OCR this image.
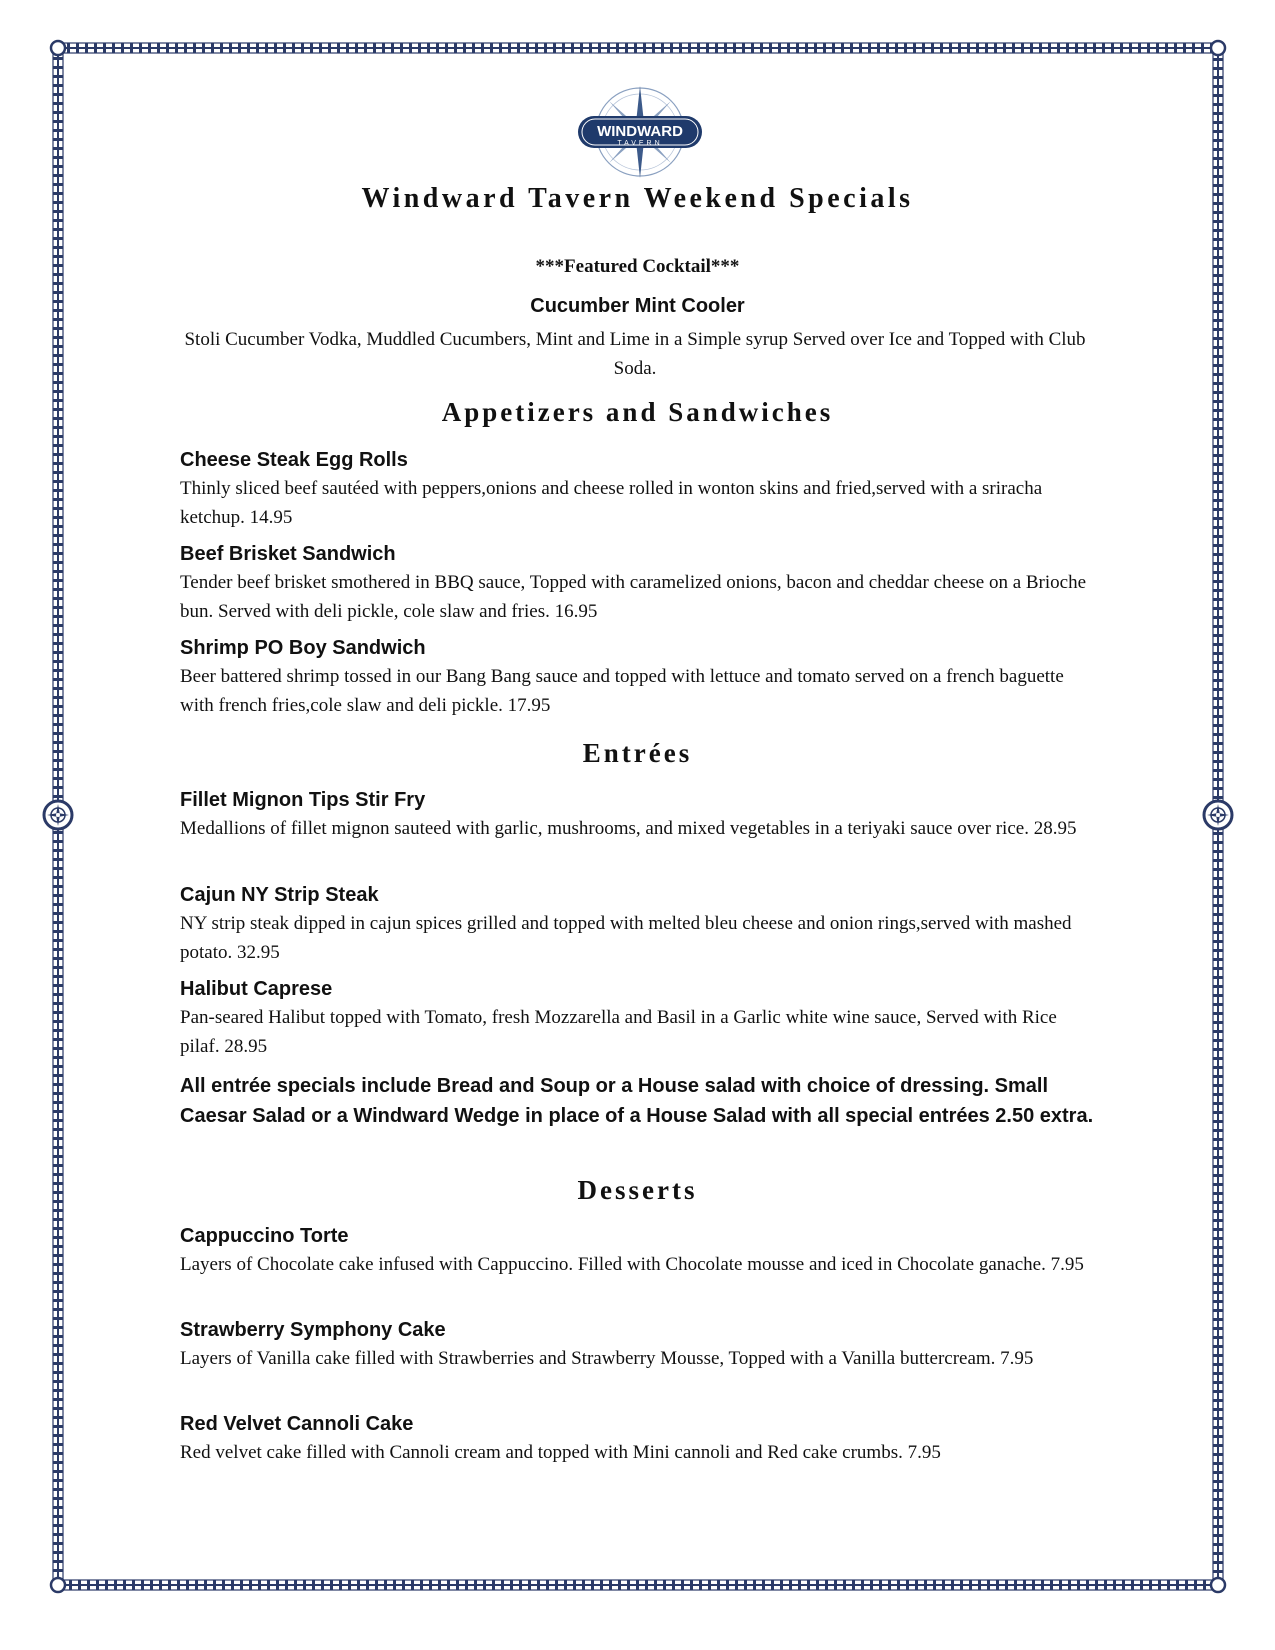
WINDWARD
TAVERN
Windward Tavern Weekend Specials
***Featured Cocktail***
Cucumber Mint Cooler
Stoli Cucumber Vodka, Muddled Cucumbers, Mint and Lime in a Simple syrup Served over Ice and Topped with Club Soda.
Appetizers and Sandwiches

Cheese Steak Egg Rolls

Thinly sliced beef sautéed with peppers,onions and cheese rolled in wonton skins and fried,served with a sriracha ketchup. 14.95

Beef Brisket Sandwich

Tender beef brisket smothered in BBQ sauce, Topped with caramelized onions, bacon and cheddar cheese on a Brioche bun. Served with deli pickle, cole slaw and fries. 16.95

Shrimp PO Boy Sandwich

Beer battered shrimp tossed in our Bang Bang sauce and topped with lettuce and tomato served on a french baguette with french fries,cole slaw and deli pickle. 17.95

Entrées

Fillet Mignon Tips Stir Fry

Medallions of fillet mignon sauteed with garlic, mushrooms, and mixed vegetables in a teriyaki sauce over rice. 28.95

Cajun NY Strip Steak

NY strip steak dipped in cajun spices grilled and topped with melted bleu cheese and onion rings,served with mashed potato. 32.95

Halibut Caprese

Pan-seared Halibut topped with Tomato, fresh Mozzarella and Basil in a Garlic white wine sauce, Served with Rice pilaf. 28.95

All entrée specials include Bread and Soup or a House salad with choice of dressing. Small Caesar Salad or a Windward Wedge in place of a House Salad with all special entrées 2.50 extra.
Desserts

Cappuccino Torte

Layers of Chocolate cake infused with Cappuccino. Filled with Chocolate mousse and iced in Chocolate ganache. 7.95

Strawberry Symphony Cake

Layers of Vanilla cake filled with Strawberries and Strawberry Mousse, Topped with a Vanilla buttercream. 7.95

Red Velvet Cannoli Cake

Red velvet cake filled with Cannoli cream and topped with Mini cannoli and Red cake crumbs. 7.95
